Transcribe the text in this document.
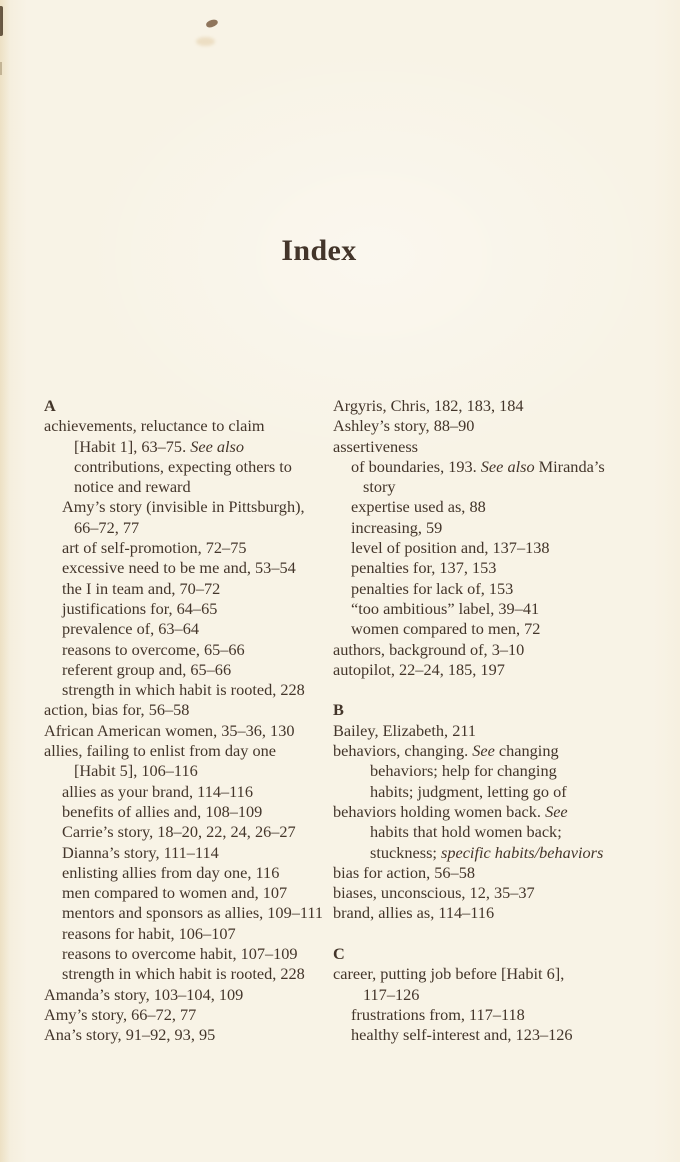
Index
A
achievements, reluctance to claim
[Habit 1], 63–75. See also
contributions, expecting others to
notice and reward
Amy’s story (invisible in Pittsburgh),
66–72, 77
art of self-promotion, 72–75
excessive need to be me and, 53–54
the I in team and, 70–72
justifications for, 64–65
prevalence of, 63–64
reasons to overcome, 65–66
referent group and, 65–66
strength in which habit is rooted, 228
action, bias for, 56–58
African American women, 35–36, 130
allies, failing to enlist from day one
[Habit 5], 106–116
allies as your brand, 114–116
benefits of allies and, 108–109
Carrie’s story, 18–20, 22, 24, 26–27
Dianna’s story, 111–114
enlisting allies from day one, 116
men compared to women and, 107
mentors and sponsors as allies, 109–111
reasons for habit, 106–107
reasons to overcome habit, 107–109
strength in which habit is rooted, 228
Amanda’s story, 103–104, 109
Amy’s story, 66–72, 77
Ana’s story, 91–92, 93, 95
Argyris, Chris, 182, 183, 184
Ashley’s story, 88–90
assertiveness
of boundaries, 193. See also Miranda’s
story
expertise used as, 88
increasing, 59
level of position and, 137–138
penalties for, 137, 153
penalties for lack of, 153
“too ambitious” label, 39–41
women compared to men, 72
authors, background of, 3–10
autopilot, 22–24, 185, 197
B
Bailey, Elizabeth, 211
behaviors, changing. See changing
behaviors; help for changing
habits; judgment, letting go of
behaviors holding women back. See
habits that hold women back;
stuckness; specific habits/behaviors
bias for action, 56–58
biases, unconscious, 12, 35–37
brand, allies as, 114–116
C
career, putting job before [Habit 6],
117–126
frustrations from, 117–118
healthy self-interest and, 123–126
